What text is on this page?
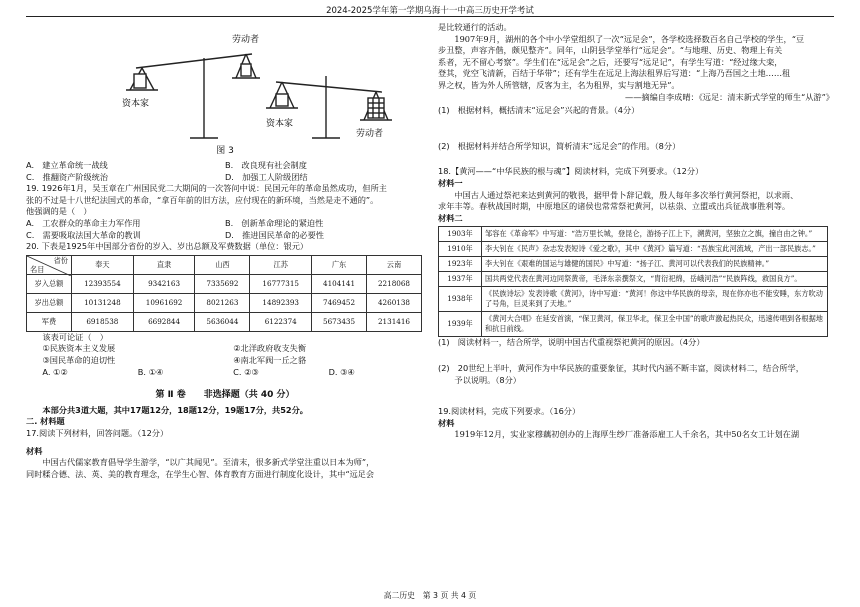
2024-2025学年第一学期乌海十一中高三历史开学考试
资本家
劳动者
资本家
劳动者
图 3
A.　建立革命统一战线	B.　改良现有社会制度
C.　推翻资产阶级统治	D.　加强工人阶级团结

19. 1926年1月，吴玉章在广州国民党二大期间的一次答问中说：民国元年的革命虽然成功，但所主

张的不过是十八世纪法国式的革命，“拿百年前的旧方法，应付现在的新环境，当然是走不通的”。

他强调的是（　）

A.　工农群众的革命主力军作用	B.　创新革命理论的紧迫性
C.　需要吸取法国大革命的教训	D.　推进国民革命的必要性

20. 下表是1925年中国部分省份的岁入、岁出总额及军费数据（单位：银元）

省份
名目	奉天	直隶	山西	江苏	广东	云南
岁入总额	12393554	9342163	7335692	16777315	4104141	2218068
岁出总额	10131248	10961692	8021263	14892393	7469452	4260138
军费	6918538	6692844	5636044	6122374	5673435	2131416

该表可论证（　）

①民族资本主义发展	②北洋政府收支失衡
③国民革命的迫切性	④南北军阀一丘之貉
A. ①②	B. ①④	C. ②③	D. ③④
第 Ⅱ 卷　　非选择题（共 40 分）

本部分共3道大题，其中17题12分，18题12分，19题17分，共52分。

二. 材料题

17.阅读下列材料，回答问题。（12分）

材料

中国古代儒家教育倡导学生游学，“以广其闻见”。至清末，很多新式学堂注重以日本为师”，

同时糅合德、法、英、美的教育理念，在学生心智、体育教育方面进行制度化设计，其中“远足会

是比较通行的活动。

1907年9月，湖州的各个中小学堂组织了一次“远足会”，各学校选择数百名自己学校的学生，“豆

步丑整，声容齐偕，颇见整齐”。同年，山阴县学堂举行“远足会”。“与地理、历史、物理上有关

系者，无不留心考察”。学生们在“远足会”之后，还要写“远足记”，有学生写道：“经过缘大栾，

登其，党空飞清新，百结于华带”；还有学生在远足上海法租界后写道：“上海乃吾国之土地……租

界之权，皆为外人所管辖，反客为主，名为租界，实与割地无异”。

——摘编自李成晴：《远足：清末新式学堂的师生“从游”》

(1)　根据材料，概括清末“远足会”兴起的背景。（4分）

(2)　根据材料并结合所学知识，简析清末“远足会”的作用。（8分）

18.【黄河——“中华民族的根与魂”】阅读材料，完成下列要求。（12分）

材料一

中国古人通过祭祀来达到黄河的敬畏，据甲骨卜辞记载，殷人每年多次举行黄河祭祀，以求雨、

求年丰等。春秋战国时期，中原地区的诸侯也常常祭祀黄河，以祛祟、立盟或出兵征战事胜利等。

材料二

1903年	邹容在《革命军》中写道：“浩万里长城，登昆仑，游扬子江上下，溯黄河，坚独立之旗，撞自由之钟。”
1910年	李大钊在《民声》杂志发表短诗《爱之歌》，其中《黄河》篇写道：“吾族宝此河流域，产出一部民族志。”
1923年	李大钊在《艰难的国运与雄健的国民》中写道：“扬子江、黄河可以代表我们的民族精神。”
1937年	国共两党代表在黄河边同祭黄帝，毛泽东亲撰祭文，“胄衍祀绵，岳峨河浩”“民族阵线，救国良方”。
1938年	《民族诗坛》发表诗歌《黄河》，诗中写道：“黄河！你这中华民族的母亲，现在你亦也不能安睡，东方吹动了号角，巨灵来到了天地。”
1939年	《黄河大合唱》在延安首演，“保卫黄河，保卫华北，保卫全中国”的歌声激起热民众，迅速传唱到各根据地和抗日前线。

(1)　阅读材料一，结合所学，说明中国古代重视祭祀黄河的原因。（4分）

(2)　20世纪上半叶，黄河作为中华民族的重要象征，其时代内涵不断丰富，阅读材料二，结合所学，

予以说明。（8分）

19.阅读材料，完成下列要求。（16分）

材料

1919年12月，实业家穆藕初创办的上海厚生纱厂准备添雇工人千余名，其中50名女工计划在湖

高二历史　第 3 页 共 4 页
